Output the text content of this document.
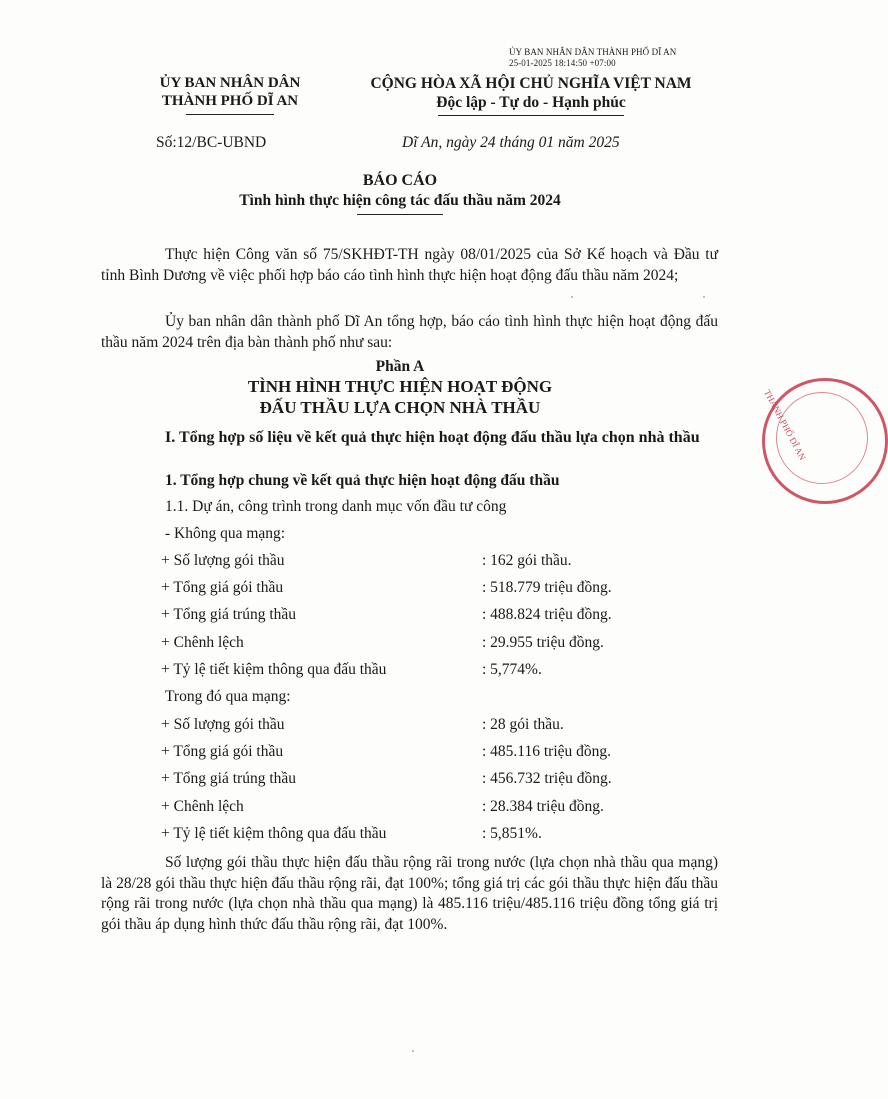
ỦY BAN NHÂN DÂN THÀNH PHỐ DĨ AN
25-01-2025 18:14:50 +07:00
ỦY BAN NHÂN DÂN
THÀNH PHỐ DĨ AN
CỘNG HÒA XÃ HỘI CHỦ NGHĨA VIỆT NAM
Độc lập - Tự do - Hạnh phúc
Số:12/BC-UBND	Dĩ An, ngày 24 tháng 01 năm 2025
BÁO CÁO
Tình hình thực hiện công tác đấu thầu năm 2024
Thực hiện Công văn số 75/SKHĐT-TH ngày 08/01/2025 của Sở Kế hoạch và Đầu tư tỉnh Bình Dương về việc phối hợp báo cáo tình hình thực hiện hoạt động đấu thầu năm 2024;
Ủy ban nhân dân thành phố Dĩ An tổng hợp, báo cáo tình hình thực hiện hoạt động đấu thầu năm 2024 trên địa bàn thành phố như sau:
Phần A
TÌNH HÌNH THỰC HIỆN HOẠT ĐỘNG
ĐẤU THẦU LỰA CHỌN NHÀ THẦU
I. Tổng hợp số liệu về kết quả thực hiện hoạt động đấu thầu lựa chọn nhà thầu
1. Tổng hợp chung về kết quả thực hiện hoạt động đấu thầu
1.1. Dự án, công trình trong danh mục vốn đầu tư công
- Không qua mạng:
+ Số lượng gói thầu	: 162 gói thầu.
+ Tổng giá gói thầu	: 518.779 triệu đồng.
+ Tổng giá trúng thầu	: 488.824 triệu đồng.
+ Chênh lệch	: 29.955 triệu đồng.
+ Tỷ lệ tiết kiệm thông qua đấu thầu	: 5,774%.
Trong đó qua mạng:
+ Số lượng gói thầu	: 28 gói thầu.
+ Tổng giá gói thầu	: 485.116 triệu đồng.
+ Tổng giá trúng thầu	: 456.732 triệu đồng.
+ Chênh lệch	: 28.384 triệu đồng.
+ Tỷ lệ tiết kiệm thông qua đấu thầu	: 5,851%.
Số lượng gói thầu thực hiện đấu thầu rộng rãi trong nước (lựa chọn nhà thầu qua mạng) là 28/28 gói thầu thực hiện đấu thầu rộng rãi, đạt 100%; tổng giá trị các gói thầu thực hiện đấu thầu rộng rãi trong nước (lựa chọn nhà thầu qua mạng) là 485.116 triệu/485.116 triệu đồng tổng giá trị gói thầu áp dụng hình thức đấu thầu rộng rãi, đạt 100%.
THÀNH PHỐ DĨ AN
